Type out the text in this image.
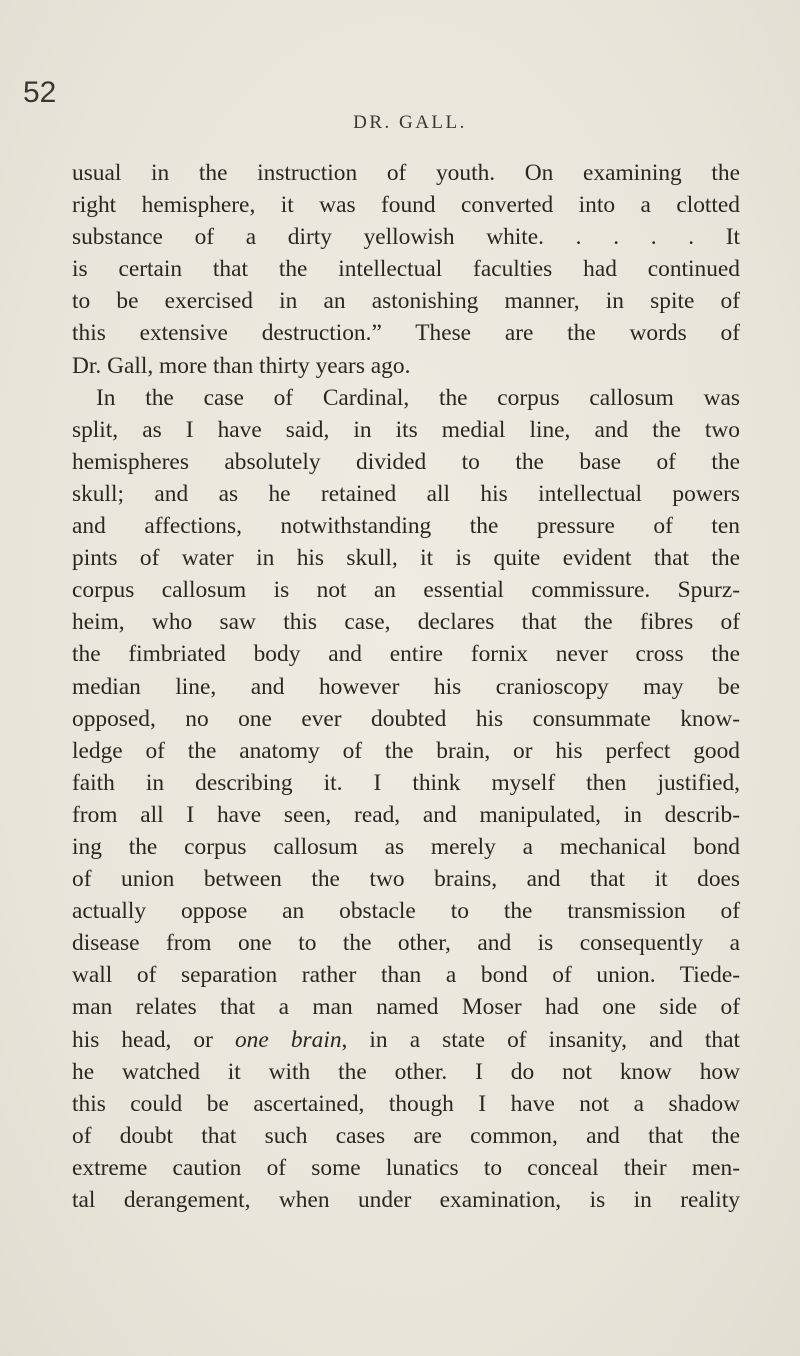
52
DR. GALL.
usual in the instruction of youth. On examining the
right hemisphere, it was found converted into a clotted
substance of a dirty yellowish white. . . . . It
is certain that the intellectual faculties had continued
to be exercised in an astonishing manner, in spite of
this extensive destruction.” These are the words of
Dr. Gall, more than thirty years ago.
In the case of Cardinal, the corpus callosum was
split, as I have said, in its medial line, and the two
hemispheres absolutely divided to the base of the
skull; and as he retained all his intellectual powers
and affections, notwithstanding the pressure of ten
pints of water in his skull, it is quite evident that the
corpus callosum is not an essential commissure. Spurz-
heim, who saw this case, declares that the fibres of
the fimbriated body and entire fornix never cross the
median line, and however his cranioscopy may be
opposed, no one ever doubted his consummate know-
ledge of the anatomy of the brain, or his perfect good
faith in describing it. I think myself then justified,
from all I have seen, read, and manipulated, in describ-
ing the corpus callosum as merely a mechanical bond
of union between the two brains, and that it does
actually oppose an obstacle to the transmission of
disease from one to the other, and is consequently a
wall of separation rather than a bond of union. Tiede-
man relates that a man named Moser had one side of
his head, or one brain, in a state of insanity, and that
he watched it with the other. I do not know how
this could be ascertained, though I have not a shadow
of doubt that such cases are common, and that the
extreme caution of some lunatics to conceal their men-
tal derangement, when under examination, is in reality
